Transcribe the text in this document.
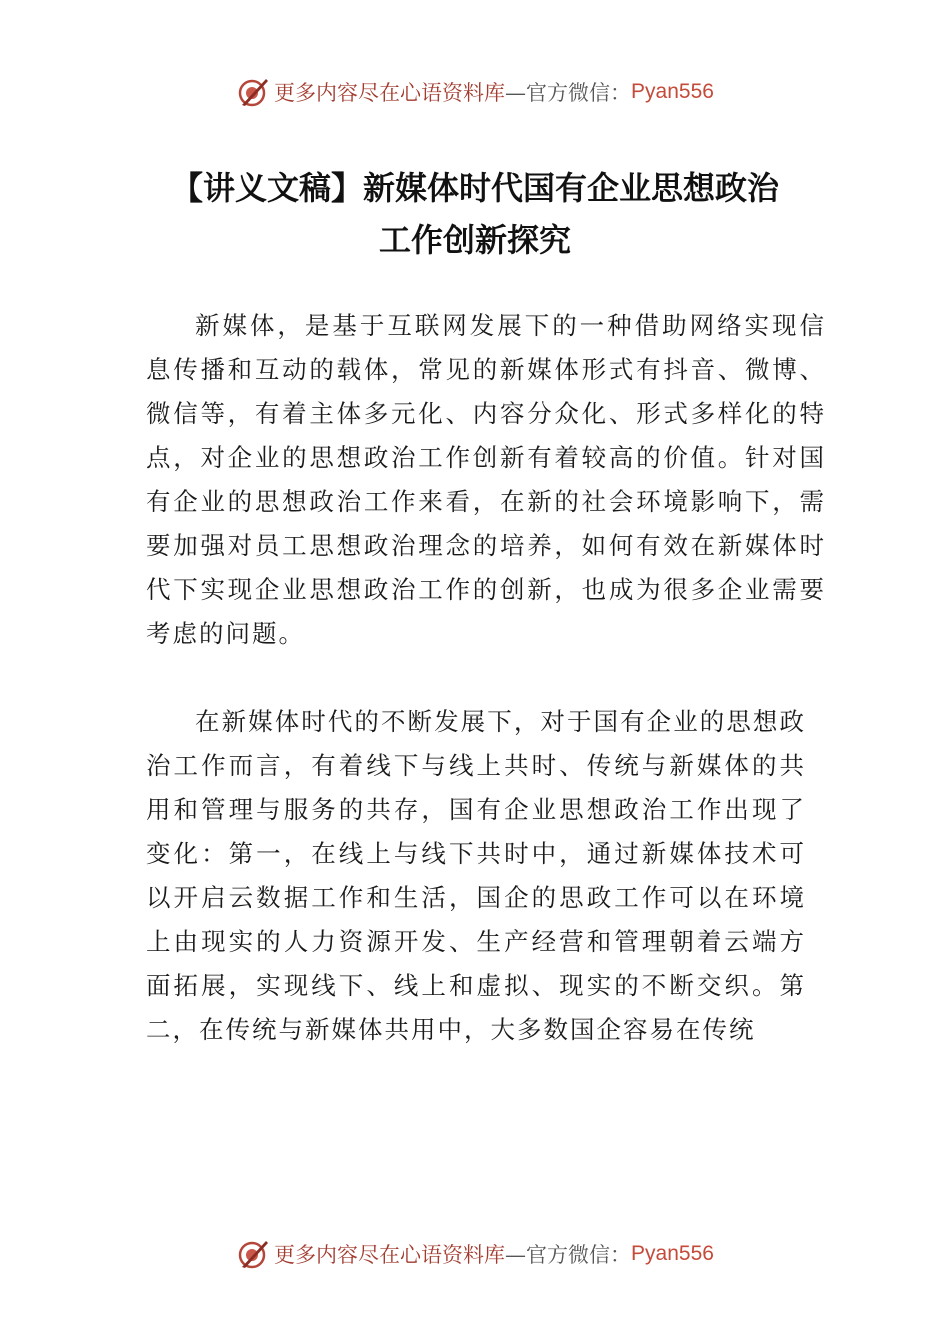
更多内容尽在心语资料库 —官方微信： Pyan556
【讲义文稿】新媒体时代国有企业思想政治
工作创新探究

新媒体，是基于互联网发展下的一种借助网络实现信息传播和互动的载体，常见的新媒体形式有抖音、微博、微信等，有着主体多元化、内容分众化、形式多样化的特点，对企业的思想政治工作创新有着较高的价值。针对国有企业的思想政治工作来看，在新的社会环境影响下，需要加强对员工思想政治理念的培养，如何有效在新媒体时代下实现企业思想政治工作的创新，也成为很多企业需要考虑的问题。

在新媒体时代的不断发展下，对于国有企业的思想政治工作而言，有着线下与线上共时、传统与新媒体的共用和管理与服务的共存，国有企业思想政治工作出现了变化：第一，在线上与线下共时中，通过新媒体技术可以开启云数据工作和生活，国企的思政工作可以在环境上由现实的人力资源开发、生产经营和管理朝着云端方面拓展，实现线下、线上和虚拟、现实的不断交织。第二，在传统与新媒体共用中，大多数国企容易在传统

更多内容尽在心语资料库 —官方微信： Pyan556
